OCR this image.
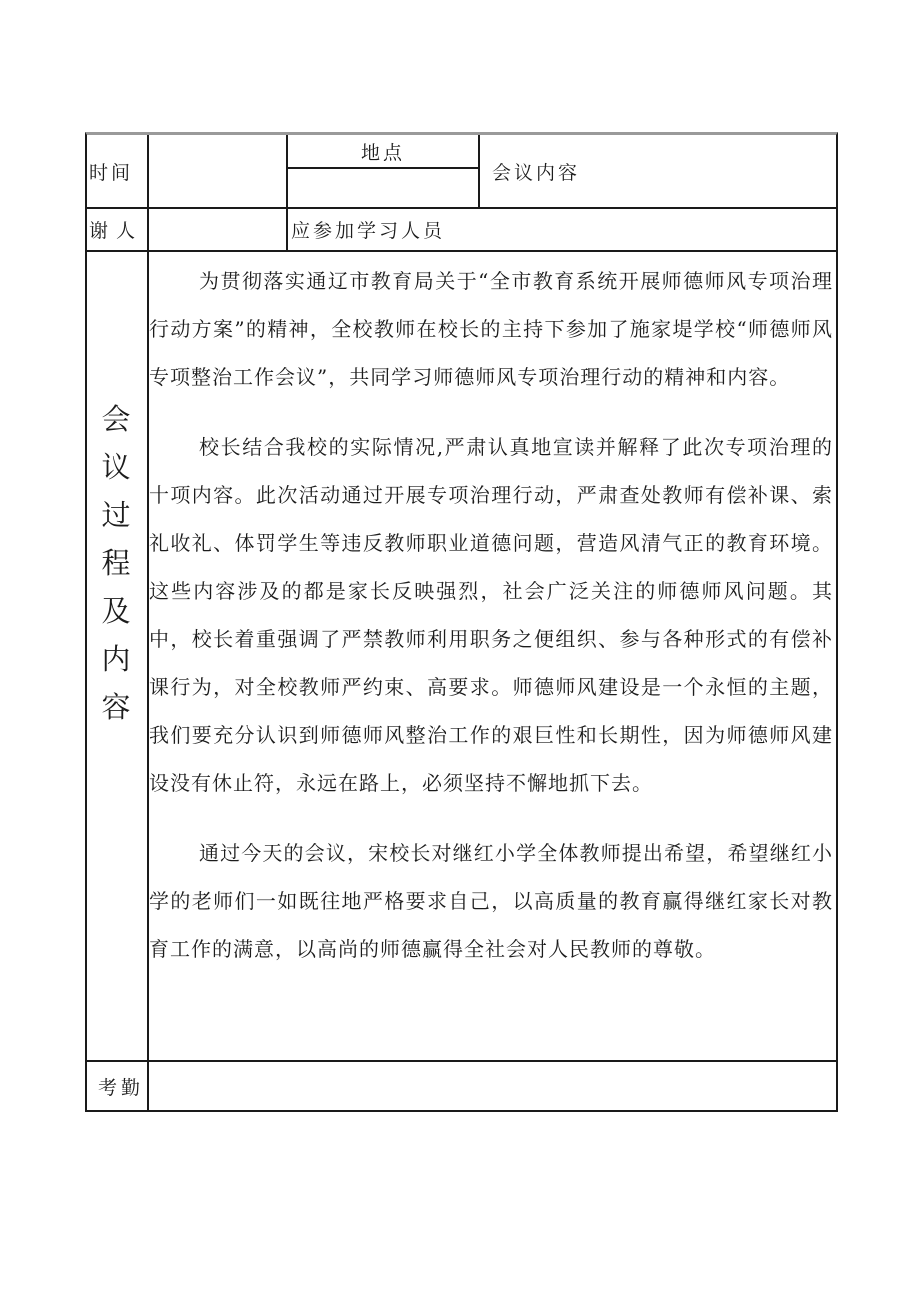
时间
地点
会议内容
谢人	应参加学习人员
会议
过程
及内
容

为贯彻落实通辽市教育局关于“全市教育系统开展师德师风专项治理行动方案”的精神，全校教师在校长的主持下参加了施家堤学校“师德师风专项整治工作会议”，共同学习师德师风专项治理行动的精神和内容。

校长结合我校的实际情况,严肃认真地宣读并解释了此次专项治理的十项内容。此次活动通过开展专项治理行动，严肃查处教师有偿补课、索礼收礼、体罚学生等违反教师职业道德问题，营造风清气正的教育环境。这些内容涉及的都是家长反映强烈，社会广泛关注的师德师风问题。其中，校长着重强调了严禁教师利用职务之便组织、参与各种形式的有偿补课行为，对全校教师严约束、高要求。师德师风建设是一个永恒的主题，我们要充分认识到师德师风整治工作的艰巨性和长期性，因为师德师风建设没有休止符，永远在路上，必须坚持不懈地抓下去。

通过今天的会议，宋校长对继红小学全体教师提出希望，希望继红小学的老师们一如既往地严格要求自己，以高质量的教育赢得继红家长对教育工作的满意，以高尚的师德赢得全社会对人民教师的尊敬。

考勤
